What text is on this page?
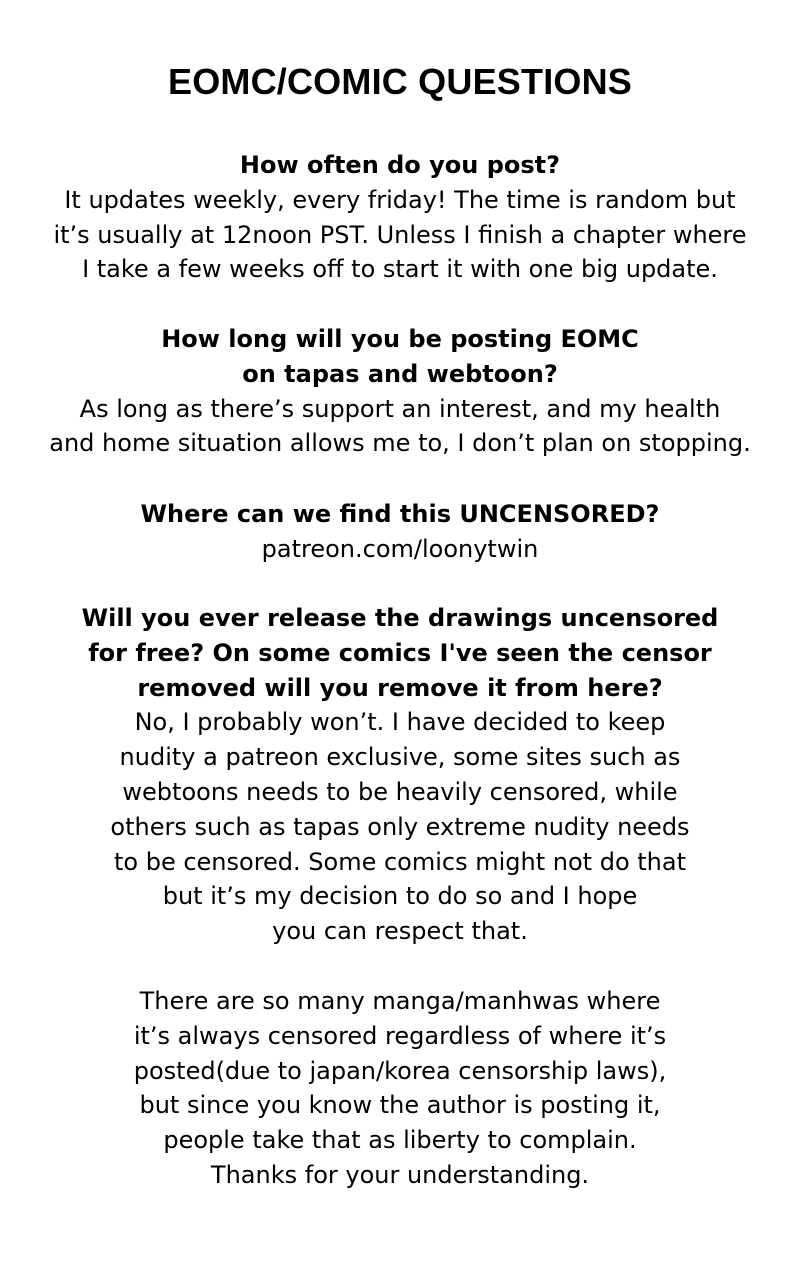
EOMC/COMIC QUESTIONS
How often do you post?
It updates weekly, every friday! The time is random but
it’s usually at 12noon PST. Unless I finish a chapter where
I take a few weeks off to start it with one big update.
How long will you be posting EOMC
on tapas and webtoon?
As long as there’s support an interest, and my health
and home situation allows me to, I don’t plan on stopping.
Where can we find this UNCENSORED?
patreon.com/loonytwin
Will you ever release the drawings uncensored
for free? On some comics I've seen the censor
removed will you remove it from here?
No, I probably won’t. I have decided to keep
nudity a patreon exclusive, some sites such as
webtoons needs to be heavily censored, while
others such as tapas only extreme nudity needs
to be censored. Some comics might not do that
but it’s my decision to do so and I hope
you can respect that.
There are so many manga/manhwas where
it’s always censored regardless of where it’s
posted(due to japan/korea censorship laws),
but since you know the author is posting it,
people take that as liberty to complain.
Thanks for your understanding.
